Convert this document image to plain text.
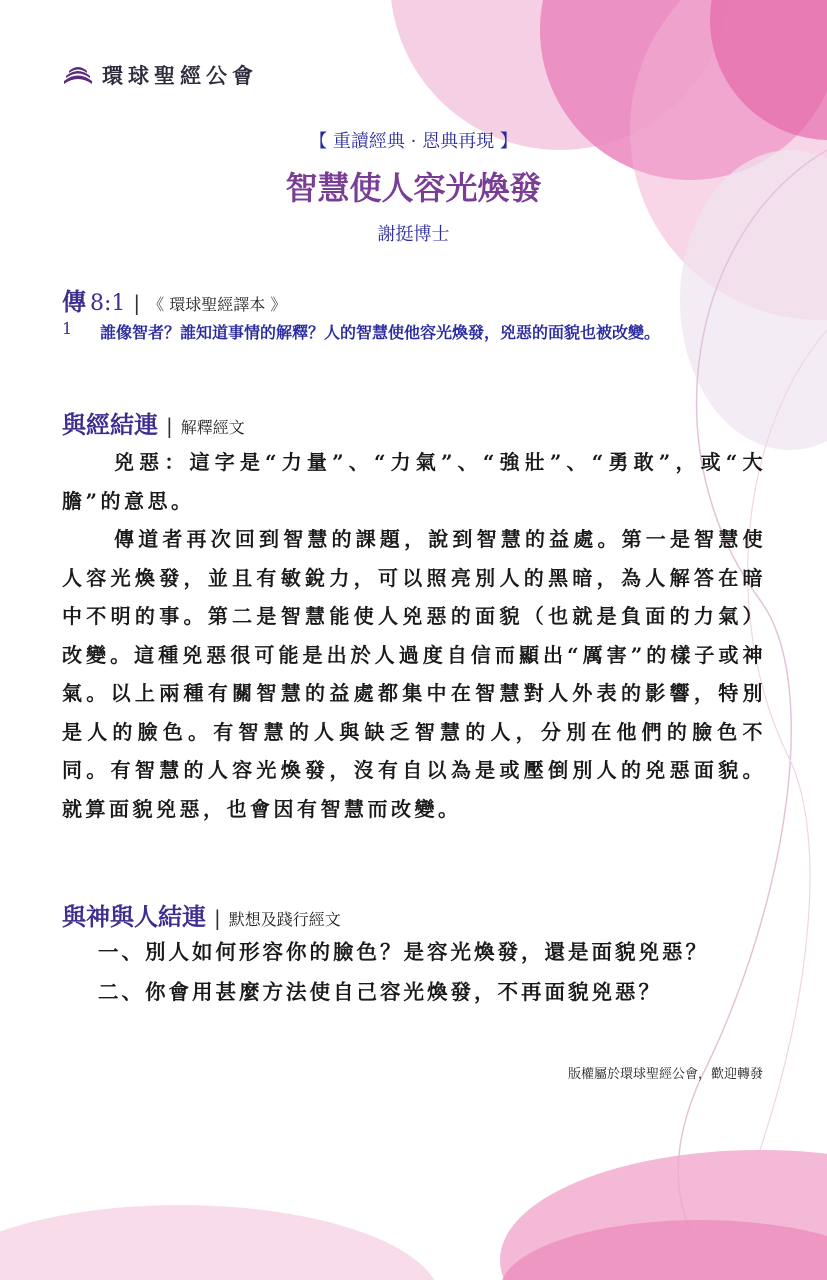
環球聖經公會
【 重讀經典 · 恩典再現 】
智慧使人容光煥發
謝挺博士
傳 8:1 | 《 環球聖經譯本 》
1	誰像智者？誰知道事情的解釋？人的智慧使他容光煥發，兇惡的面貌也被改變。
與經結連 | 解釋經文

兇惡：這字是“力量”、“力氣”、“強壯”、“勇敢”，或“大膽”的意思。

傳道者再次回到智慧的課題，說到智慧的益處。第一是智慧使人容光煥發，並且有敏銳力，可以照亮別人的黑暗，為人解答在暗中不明的事。第二是智慧能使人兇惡的面貌（也就是負面的力氣）改變。這種兇惡很可能是出於人過度自信而顯出“厲害”的樣子或神氣。以上兩種有關智慧的益處都集中在智慧對人外表的影響，特別是人的臉色。有智慧的人與缺乏智慧的人，分別在他們的臉色不同。有智慧的人容光煥發，沒有自以為是或壓倒別人的兇惡面貌。就算面貌兇惡，也會因有智慧而改變。

與神與人結連 | 默想及踐行經文
一、別人如何形容你的臉色？是容光煥發，還是面貌兇惡？
二、你會用甚麼方法使自己容光煥發，不再面貌兇惡？
版權屬於環球聖經公會，歡迎轉發
